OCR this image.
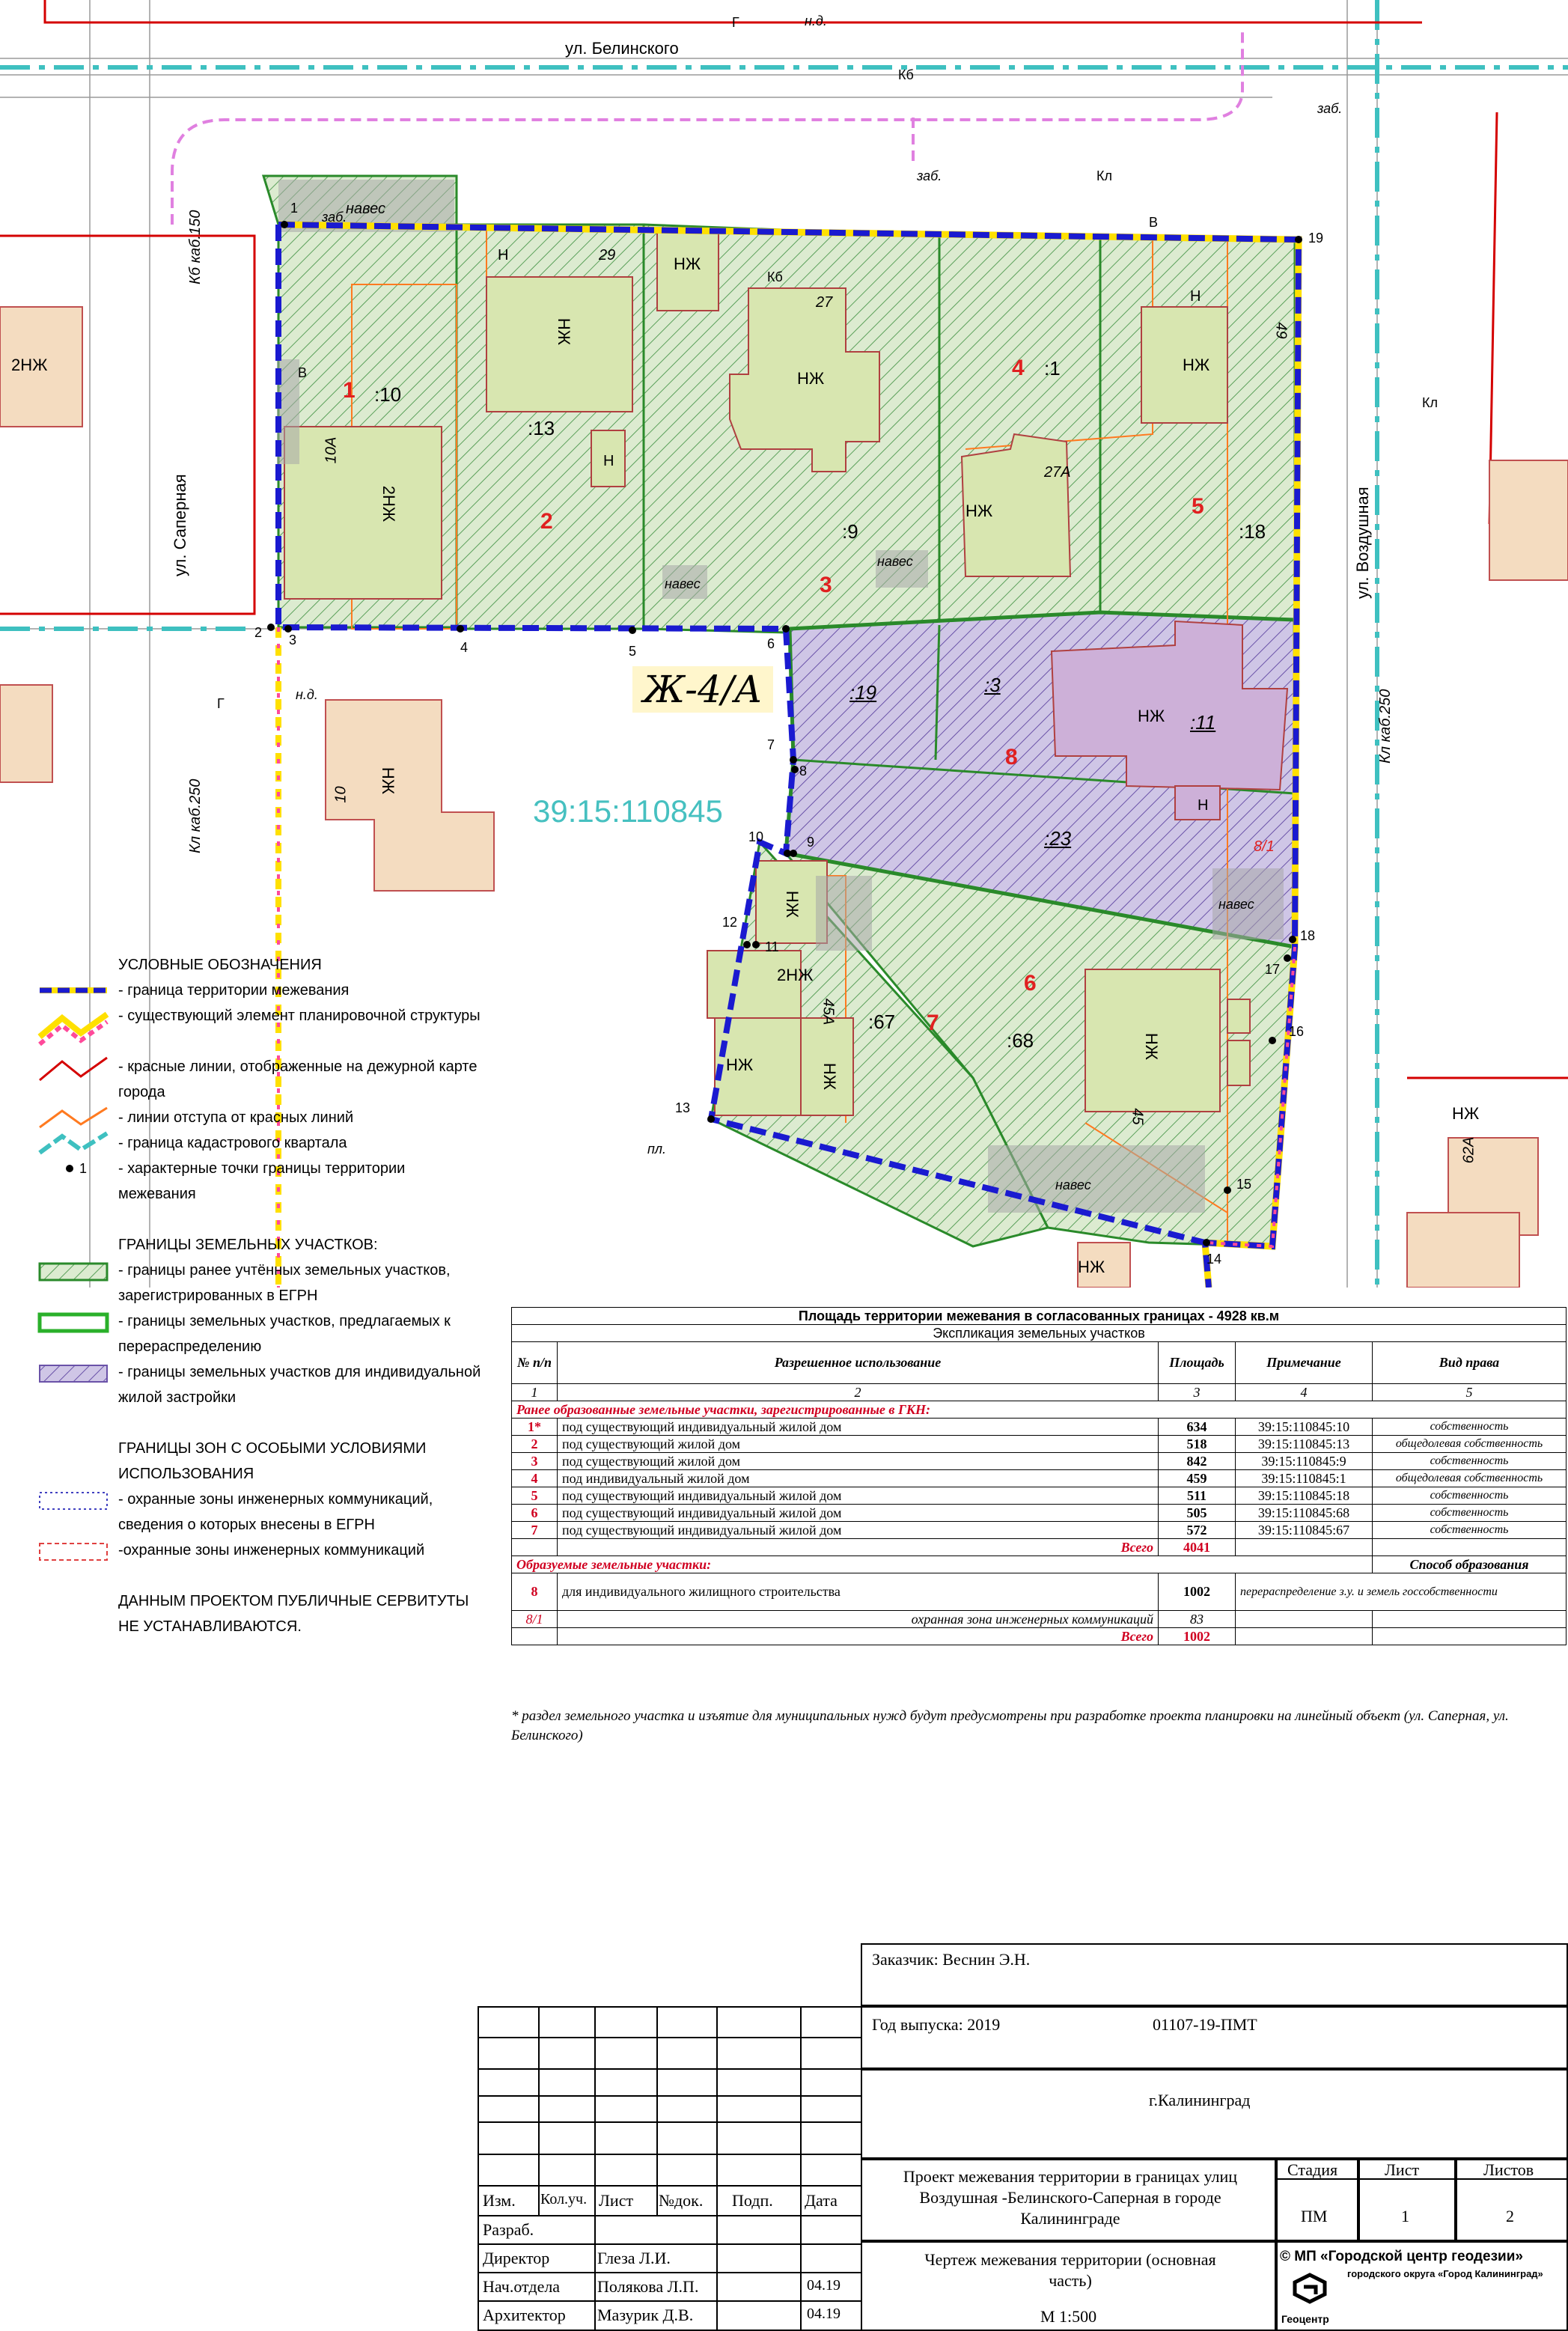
ул. Белинского
ул. Саперная	ул. Воздушная
Ж-4/А
39:15:110845
1 :10
2
:13
3
:9
4 :1
5
:18
6
:68
7
:67
8
:23
:19	:3
:11
8/1
1
2 3	4	5	6
7
8
9
10
11
12
13
14
15
16
17
18
19
2НЖ
2НЖ
НЖ
НЖ
НЖ
НЖ
НЖ
НЖ
НЖ
2НЖ
НЖ
НЖ	НЖ
НЖ
НЖ
НЖ
Н
Н
Н
Н
10А
29
27
27А
49
10
45А
45
62А
навес
навес
навес
навес
навес
заб.
заб.
заб.
н.д.
н.д.
пл.
Кл каб.250
Кб каб.150
Кл каб.250
Кб
Кб
Кл
Кл
В
В
Г
Г
УСЛОВНЫЕ ОБОЗНАЧЕНИЯ
- граница территории межевания
- существующий элемент планировочной структуры
- красные линии, отображенные на дежурной карте города
- линии отступа от красных линий
- граница кадастрового квартала
1 - характерные точки границы территории межевания
ГРАНИЦЫ ЗЕМЕЛЬНЫХ УЧАСТКОВ:
- границы ранее учтённых земельных участков, зарегистрированных в ЕГРН
- границы земельных участков, предлагаемых к перераспределению
- границы земельных участков для индивидуальной жилой застройки
ГРАНИЦЫ ЗОН С ОСОБЫМИ УСЛОВИЯМИ ИСПОЛЬЗОВАНИЯ
- охранные зоны инженерных коммуникаций, сведения о которых внесены в ЕГРН
-охранные зоны инженерных коммуникаций
ДАННЫМ ПРОЕКТОМ ПУБЛИЧНЫЕ СЕРВИТУТЫ НЕ УСТАНАВЛИВАЮТСЯ.
Площадь территории межевания в согласованных границах - 4928 кв.м				
Экспликация земельных участков				
№ п/п	Разрешенное использование	Площадь	Примечание	Вид права
1	2	3	4	5
Ранее образованные земельные участки, зарегистрированные в ГКН:				
1*	под существующий индивидуальный жилой дом	634	39:15:110845:10	собственность
2	под существующий жилой дом	518	39:15:110845:13	общедолевая собственность
3	под существующий жилой дом	842	39:15:110845:9	собственность
4	под индивидуальный жилой дом	459	39:15:110845:1	общедолевая собственность
5	под существующий индивидуальный жилой дом	511	39:15:110845:18	собственность
6	под существующий индивидуальный жилой дом	505	39:15:110845:68	собственность
7	под существующий индивидуальный жилой дом	572	39:15:110845:67	собственность
	Всего	4041		
Образуемые земельные участки:				Способ образования
8	для индивидуального жилищного строительства	1002	перераспределение з.у. и земель госсобственности	
8/1	охранная зона инженерных коммуникаций	83		
	Всего	1002		
* раздел земельного участка и изъятие для муниципальных нужд будут предусмотрены при разработке проекта планировки на линейный объект (ул. Саперная, ул. Белинского)
Изм. Кол.уч. Лист №док. Подп. Дата
Разраб.
Директор	Глеза Л.И.
Нач.отдела Полякова Л.П.	04.19
Архитектор Мазурик Д.В.	04.19
Заказчик: Веснин Э.Н.
Год выпуска: 2019	01107-19-ПМТ
г.Калининград
Проект межевания территории в границах улиц Воздушная -Белинского-Саперная в городе Калининграде
Стадия	Лист	Листов
ПМ	1	2
Чертеж межевания территории (основная часть)
М 1:500
© МП «Городской центр геодезии»
городского округа «Город Калининград»
Геоцентр
